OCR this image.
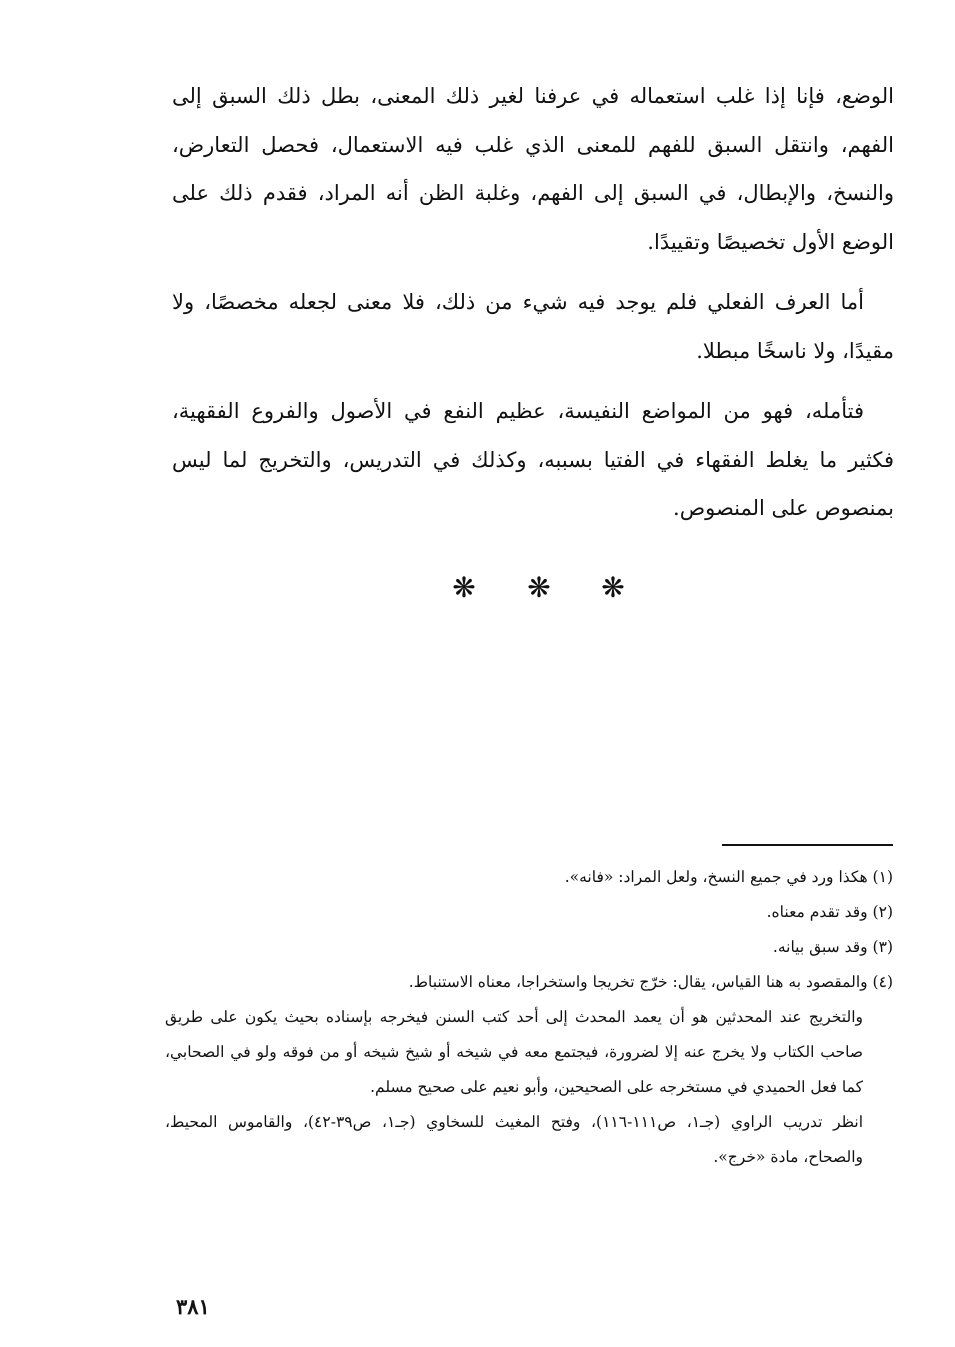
الوضع، فإنا إذا غلب استعماله في عرفنا لغير ذلك المعنى، بطل ذلك السبق إلى الفهم، وانتقل السبق للفهم للمعنى الذي غلب فيه الاستعمال، فحصل التعارض، والنسخ، والإبطال، في السبق إلى الفهم، وغلبة الظن أنه المراد، فقدم ذلك على الوضع الأول تخصيصًا وتقييدًا.

أما العرف الفعلي فلم يوجد فيه شيء من ذلك، فلا معنى لجعله مخصصًا، ولا مقيدًا، ولا ناسخًا مبطلا.

فتأمله، فهو من المواضع النفيسة، عظيم النفع في الأصول والفروع الفقهية، فكثير ما يغلط الفقهاء في الفتيا بسببه، وكذلك في التدريس، والتخريج لما ليس بمنصوص على المنصوص.

❋ ❋ ❋

(١) هكذا ورد في جميع النسخ، ولعل المراد: «فانه».

(٢) وقد تقدم معناه.

(٣) وقد سبق بيانه.

(٤) والمقصود به هنا القياس، يقال: خرّج تخريجا واستخراجا، معناه الاستنباط.

والتخريج عند المحدثين هو أن يعمد المحدث إلى أحد كتب السنن فيخرجه بإسناده بحيث يكون على طريق صاحب الكتاب ولا يخرج عنه إلا لضرورة، فيجتمع معه في شيخه أو شيخ شيخه أو من فوقه ولو في الصحابي، كما فعل الحميدي في مستخرجه على الصحيحين، وأبو نعيم على صحيح مسلم.

انظر تدريب الراوي (جـ١، ص١١١-١١٦)، وفتح المغيث للسخاوي (جـ١، ص٣٩-٤٢)، والقاموس المحيط، والصحاح، مادة «خرج».

٣٨١
